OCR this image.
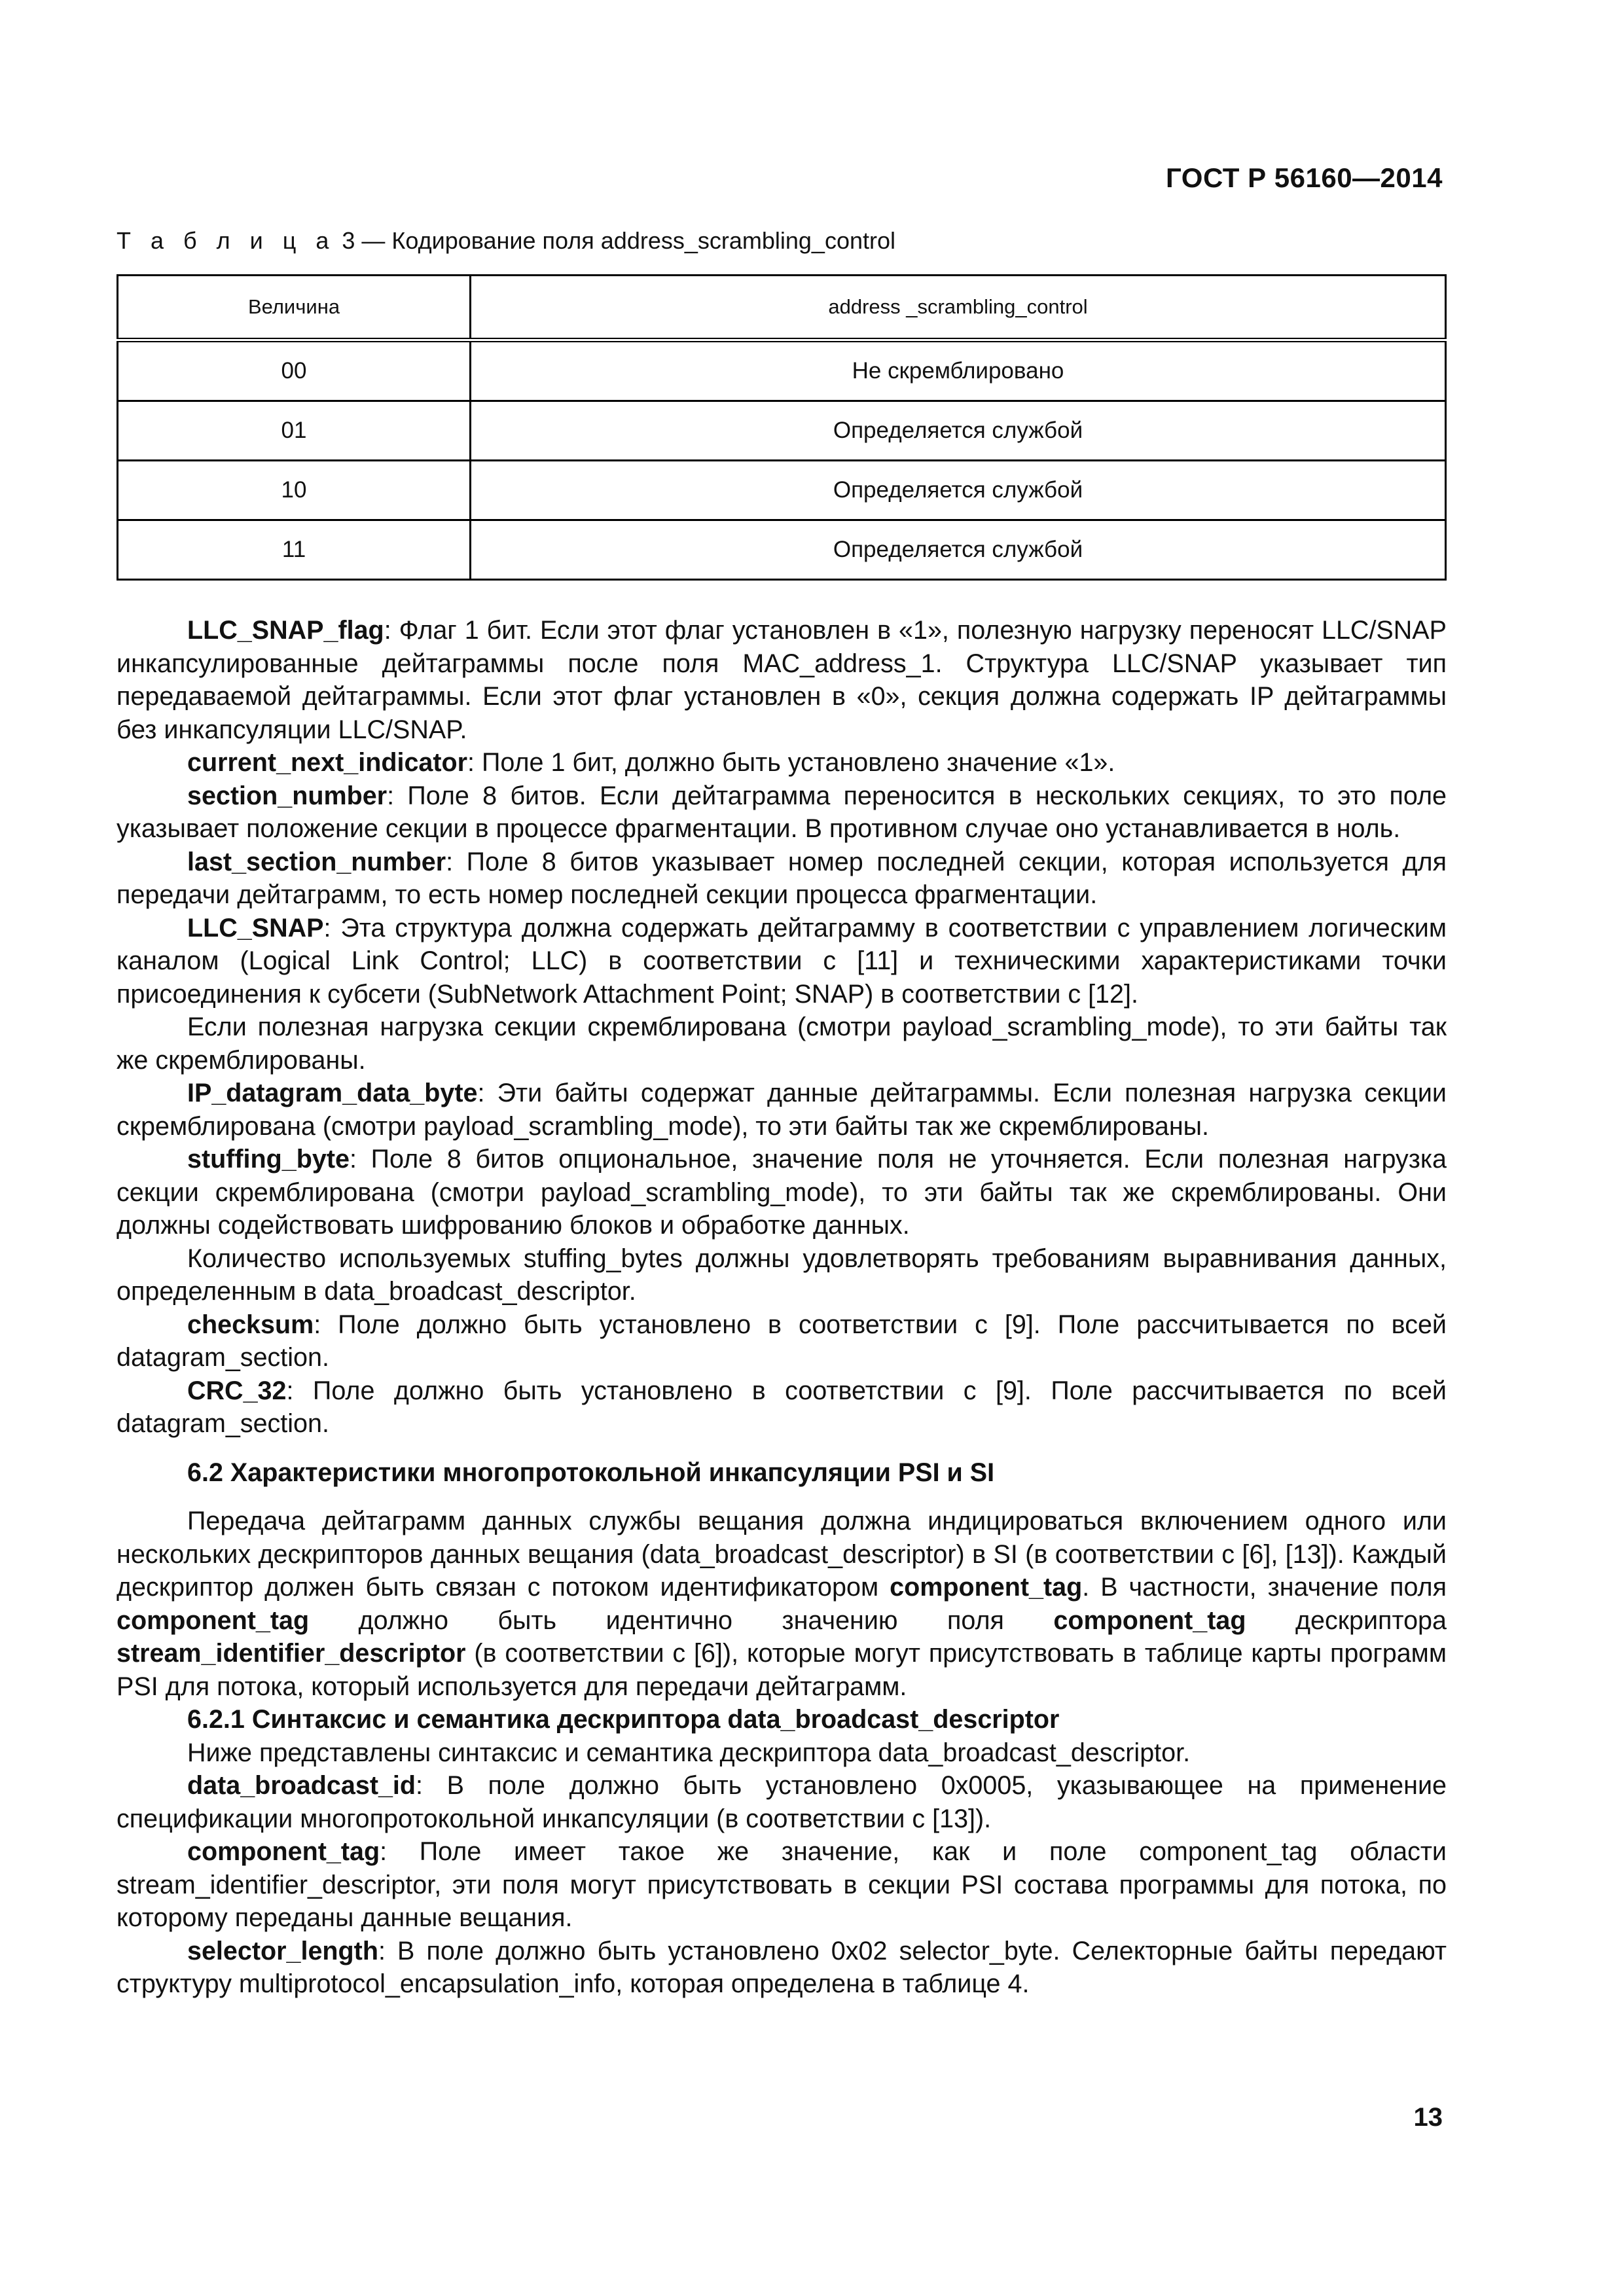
ГОСТ Р 56160—2014
Т а б л и ц а 3 — Кодирование поля address_scrambling_control
Величина	address _scrambling_control
00	Не скремблировано
01	Определяется службой
10	Определяется службой
11	Определяется службой

LLC_SNAP_flag: Флаг 1 бит. Если этот флаг установлен в «1», полезную нагрузку переносят LLC/SNAP инкапсулированные дейтаграммы после поля MAC_address_1. Структура LLC/SNAP указывает тип передаваемой дейтаграммы. Если этот флаг установлен в «0», секция должна содержать IP дейтаграммы без инкапсуляции LLC/SNAP.

current_next_indicator: Поле 1 бит, должно быть установлено значение «1».

section_number: Поле 8 битов. Если дейтаграмма переносится в нескольких секциях, то это поле указывает положение секции в процессе фрагментации. В противном случае оно устанавливается в ноль.

last_section_number: Поле 8 битов указывает номер последней секции, которая используется для передачи дейтаграмм, то есть номер последней секции процесса фрагментации.

LLC_SNAP: Эта структура должна содержать дейтаграмму в соответствии с управлением логическим каналом (Logical Link Control; LLC) в соответствии с [11] и техническими характеристиками точки присоединения к субсети (SubNetwork Attachment Point; SNAP) в соответствии с [12].

Если полезная нагрузка секции скремблирована (смотри payload_scrambling_mode), то эти байты так же скремблированы.

IP_datagram_data_byte: Эти байты содержат данные дейтаграммы. Если полезная нагрузка секции скремблирована (смотри payload_scrambling_mode), то эти байты так же скремблированы.

stuffing_byte: Поле 8 битов опциональное, значение поля не уточняется. Если полезная нагрузка секции скремблирована (смотри payload_scrambling_mode), то эти байты так же скремблированы. Они должны содействовать шифрованию блоков и обработке данных.

Количество используемых stuffing_bytes должны удовлетворять требованиям выравнивания данных, определенным в data_broadcast_descriptor.

checksum: Поле должно быть установлено в соответствии с [9]. Поле рассчитывается по всей datagram_section.

CRC_32: Поле должно быть установлено в соответствии с [9]. Поле рассчитывается по всей datagram_section.

6.2 Характеристики многопротокольной инкапсуляции PSI и SI

Передача дейтаграмм данных службы вещания должна индицироваться включением одного или нескольких дескрипторов данных вещания (data_broadcast_descriptor) в SI (в соответствии с [6], [13]). Каждый дескриптор должен быть связан с потоком идентификатором component_tag. В частности, значение поля component_tag должно быть идентично значению поля component_tag дескриптора stream_identifier_descriptor (в соответствии с [6]), которые могут присутствовать в таблице карты программ PSI для потока, который используется для передачи дейтаграмм.

6.2.1 Синтаксис и семантика дескриптора data_broadcast_descriptor

Ниже представлены синтаксис и семантика дескриптора data_broadcast_descriptor.

data_broadcast_id: В поле должно быть установлено 0x0005, указывающее на применение спецификации многопротокольной инкапсуляции (в соответствии с [13]).

component_tag: Поле имеет такое же значение, как и поле component_tag области stream_identifier_descriptor, эти поля могут присутствовать в секции PSI состава программы для потока, по которому переданы данные вещания.

selector_length: В поле должно быть установлено 0x02 selector_byte. Селекторные байты передают структуру multiprotocol_encapsulation_info, которая определена в таблице 4.

13
